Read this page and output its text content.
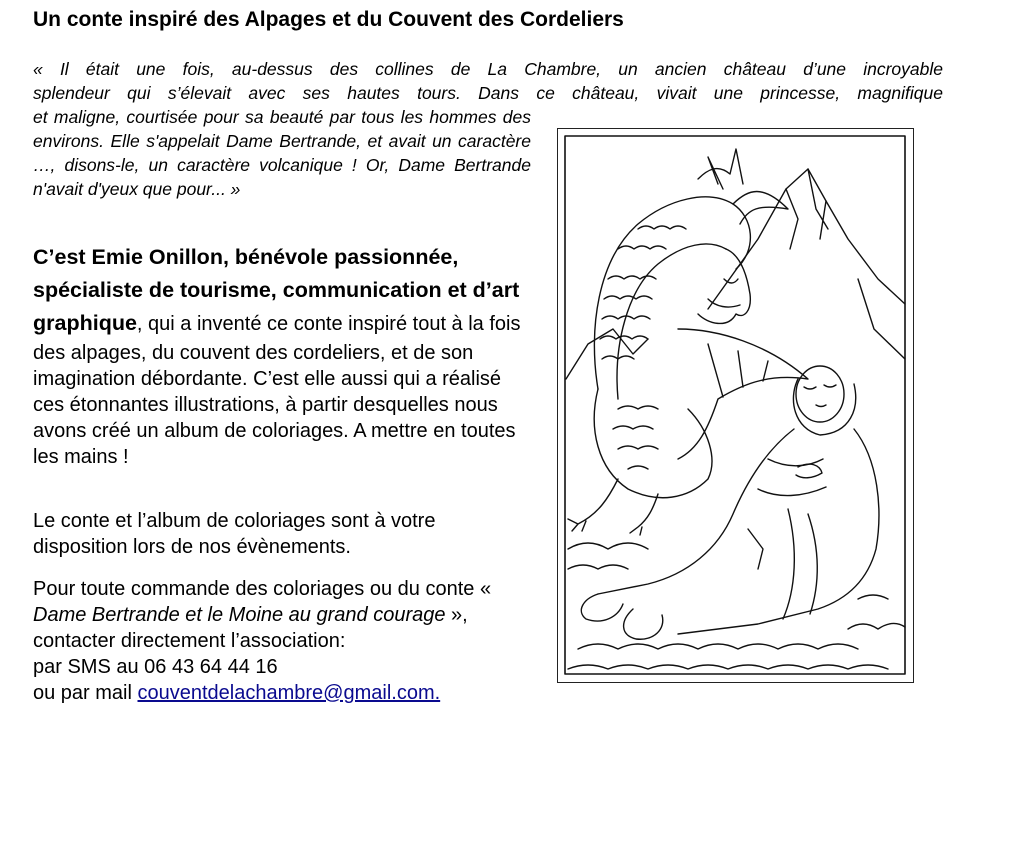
Un conte inspiré des Alpages et du Couvent des Cordeliers

« Il était une fois, au-dessus des collines de La Chambre, un ancien château d’une incroyable
splendeur qui s’élevait avec ses hautes tours. Dans ce château, vivait une princesse, magnifique

et maligne, courtisée pour sa beauté par tous les hommes des environs. Elle s'appelait Dame Bertrande, et avait un caractère …, disons-le, un caractère volcanique ! Or, Dame Bertrande n'avait d'yeux que pour... »

C’est Emie Onillon, bénévole passionnée, spécialiste de tourisme, communication et d’art graphique, qui a inventé ce conte inspiré tout à la fois des alpages, du couvent des cordeliers, et de son imagination débordante. C’est elle aussi qui a réalisé ces étonnantes illustrations, à partir desquelles nous avons créé un album de coloriages. A mettre en toutes les mains !

Le conte et l’album de coloriages sont à votre disposition lors de nos évènements.

Pour toute commande des coloriages ou du conte « Dame Bertrande et le Moine au grand courage », contacter directement l’association:
par SMS au 06 43 64 44 16
ou par mail couventdelachambre@gmail.com.
